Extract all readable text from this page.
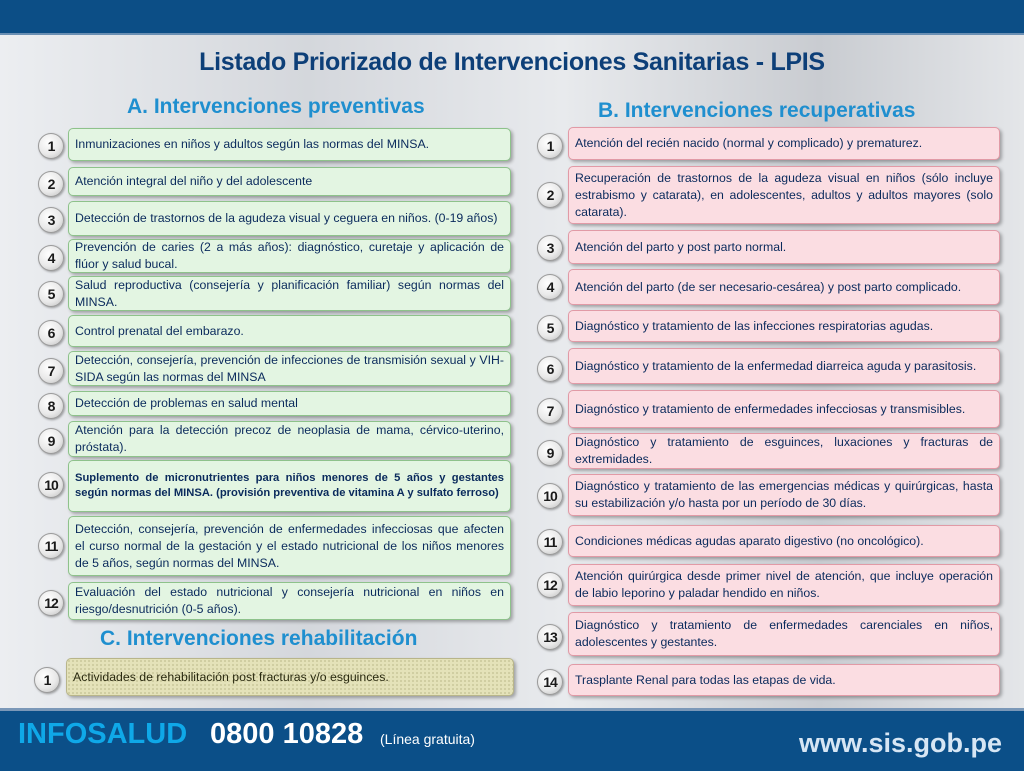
Listado Priorizado de Intervenciones Sanitarias - LPIS
A. Intervenciones preventivas	B. Intervenciones recuperativas
C. Intervenciones rehabilitación
1	Inmunizaciones en niños y adultos según las normas del MINSA.
2	Atención integral del niño y del adolescente
3	Detección de trastornos de la agudeza visual y ceguera en niños. (0-19 años)
4
Prevención de caries (2 a más años): diagnóstico, curetaje y aplicación de flúor y salud bucal.
5
Salud reproductiva (consejería y planificación familiar) según normas del MINSA.
6	Control prenatal del embarazo.
7
Detección, consejería, prevención de infecciones de transmisión sexual y VIH-SIDA según las normas del MINSA
8	Detección de problemas en salud mental
9
Atención para la detección precoz de neoplasia de mama, cérvico-uterino, próstata).
10	Suplemento de micronutrientes para niños menores de 5 años y gestantes según normas del MINSA. (provisión preventiva de vitamina A y sulfato ferroso)
11
Detección, consejería, prevención de enfermedades infecciosas que afecten el curso normal de la gestación y el estado nutricional de los niños menores de 5 años, según normas del MINSA.
12
Evaluación del estado nutricional y consejería nutricional en niños en riesgo/desnutrición (0-5 años).
1	Actividades de rehabilitación post fracturas y/o esguinces.
1	Atención del recién nacido (normal y complicado) y prematurez.
2
Recuperación de trastornos de la agudeza visual en niños (sólo incluye estrabismo y catarata), en adolescentes, adultos y adultos mayores (solo catarata).
3	Atención del parto y post parto normal.
4	Atención del parto (de ser necesario-cesárea) y post parto complicado.
5	Diagnóstico y tratamiento de las infecciones respiratorias agudas.
6	Diagnóstico y tratamiento de la enfermedad diarreica aguda y parasitosis.
7	Diagnóstico y tratamiento de enfermedades infecciosas y transmisibles.
9
Diagnóstico y tratamiento de esguinces, luxaciones y fracturas de extremidades.
10
Diagnóstico y tratamiento de las emergencias médicas y quirúrgicas, hasta su estabilización y/o hasta por un período de 30 días.
11	Condiciones médicas agudas aparato digestivo (no oncológico).
12
Atención quirúrgica desde primer nivel de atención, que incluye operación de labio leporino y paladar hendido en niños.
13
Diagnóstico y tratamiento de enfermedades carenciales en niños, adolescentes y gestantes.
14	Trasplante Renal para todas las etapas de vida.
INFOSALUD 0800 10828 (Línea gratuita)	www.sis.gob.pe
